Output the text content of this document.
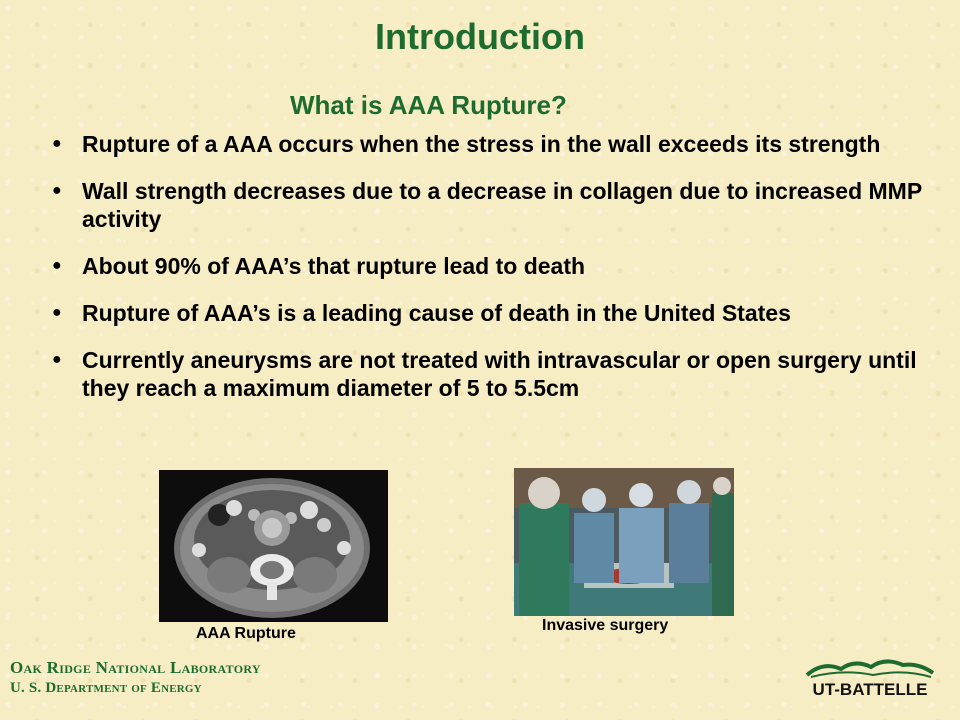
Introduction
What is AAA Rupture?
● Rupture of a AAA occurs when the stress in the wall exceeds its strength
● Wall strength decreases due to a decrease in collagen due to increased MMP activity
● About 90% of AAA’s that rupture lead to death
● Rupture of AAA’s is a leading cause of death in the United States
● Currently aneurysms are not treated with intravascular or open surgery until they reach a maximum diameter of 5 to 5.5cm
AAA Rupture	Invasive surgery
Oak Ridge National Laboratory
U. S. Department of Energy	UT-BATTELLE
